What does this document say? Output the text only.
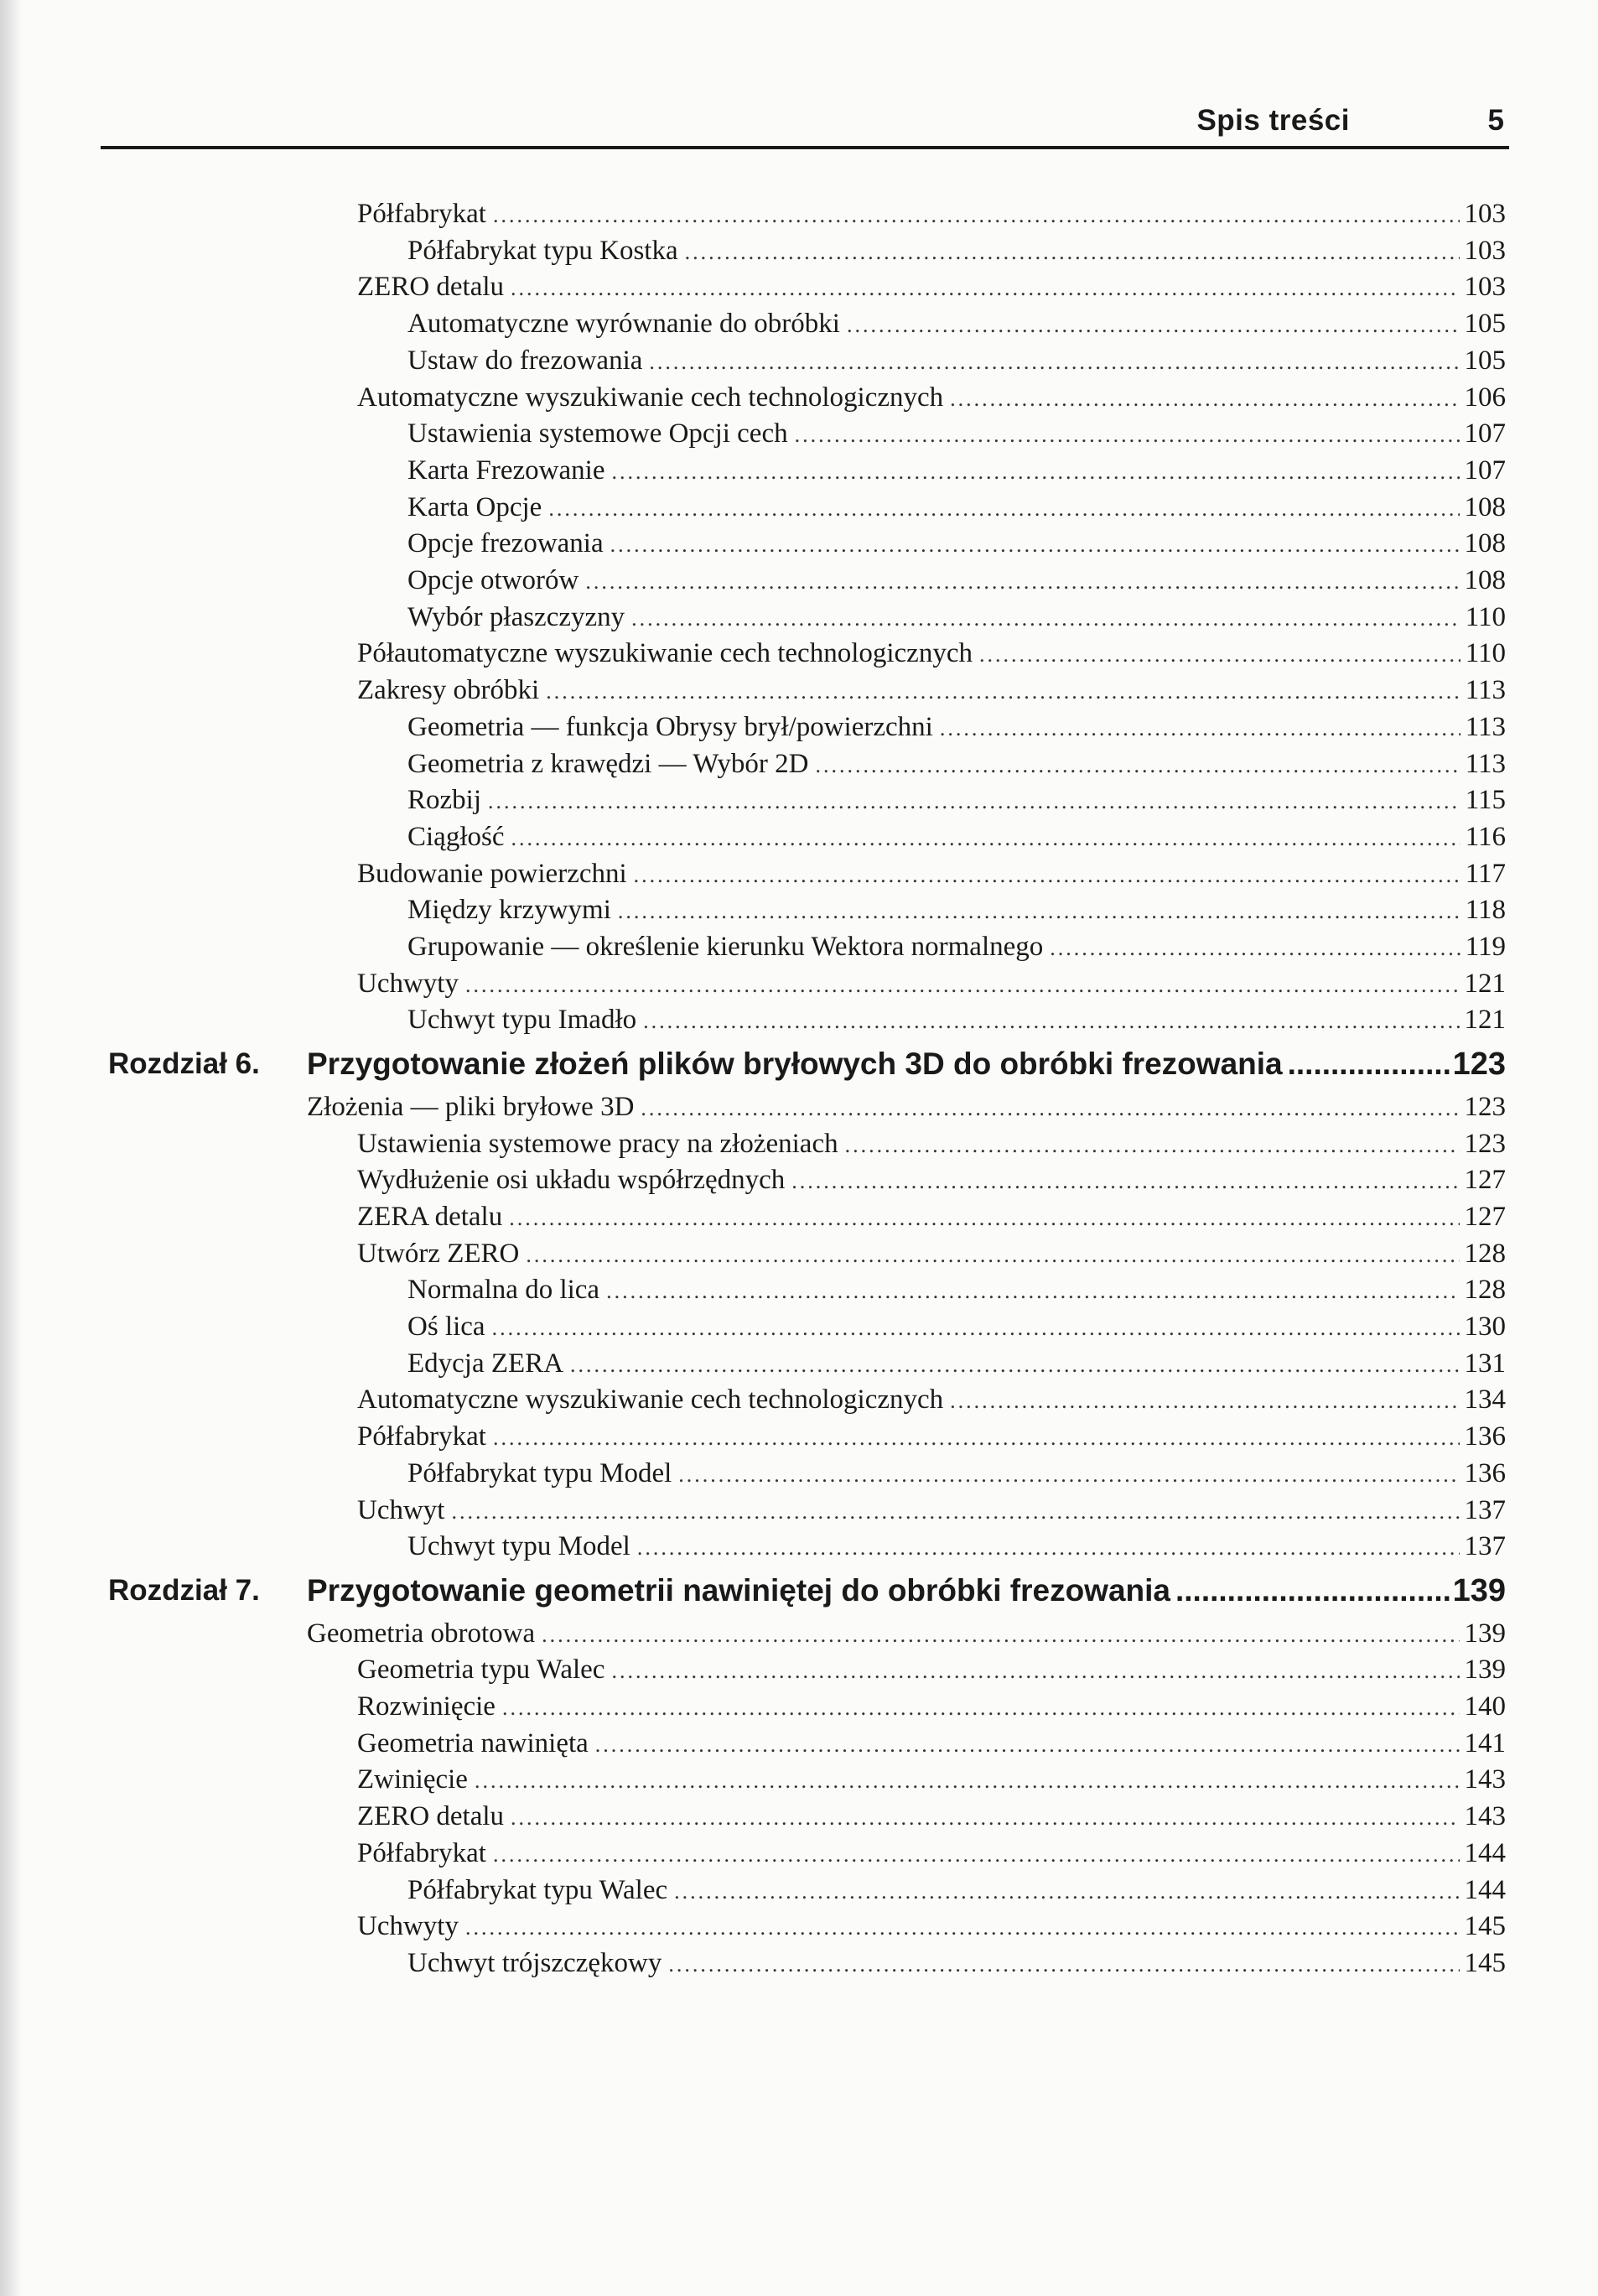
Spis treści	5
Półfabrykat .....	103
Półfabrykat typu Kostka .....	103
ZERO detalu .....	103
Automatyczne wyrównanie do obróbki .....	105
Ustaw do frezowania .....	105
Automatyczne wyszukiwanie cech technologicznych .....	106
Ustawienia systemowe Opcji cech .....	107
Karta Frezowanie .....	107
Karta Opcje .....	108
Opcje frezowania .....	108
Opcje otworów .....	108
Wybór płaszczyzny .....	110
Półautomatyczne wyszukiwanie cech technologicznych .....	110
Zakresy obróbki .....	113
Geometria — funkcja Obrysy brył/powierzchni .....	113
Geometria z krawędzi — Wybór 2D .....	113
Rozbij .....	115
Ciągłość .....	116
Budowanie powierzchni .....	117
Między krzywymi .....	118
Grupowanie — określenie kierunku Wektora normalnego .....	119
Uchwyty .....	121
Uchwyt typu Imadło .....	121
Rozdział 6. Przygotowanie złożeń plików bryłowych 3D do obróbki frezowania .....	123
Złożenia — pliki bryłowe 3D .....	123
Ustawienia systemowe pracy na złożeniach .....	123
Wydłużenie osi układu współrzędnych .....	127
ZERA detalu .....	127
Utwórz ZERO .....	128
Normalna do lica .....	128
Oś lica .....	130
Edycja ZERA .....	131
Automatyczne wyszukiwanie cech technologicznych .....	134
Półfabrykat .....	136
Półfabrykat typu Model .....	136
Uchwyt .....	137
Uchwyt typu Model .....	137
Rozdział 7. Przygotowanie geometrii nawiniętej do obróbki frezowania .....	139
Geometria obrotowa .....	139
Geometria typu Walec .....	139
Rozwinięcie .....	140
Geometria nawinięta .....	141
Zwinięcie .....	143
ZERO detalu .....	143
Półfabrykat .....	144
Półfabrykat typu Walec .....	144
Uchwyty .....	145
Uchwyt trójszczękowy .....	145
